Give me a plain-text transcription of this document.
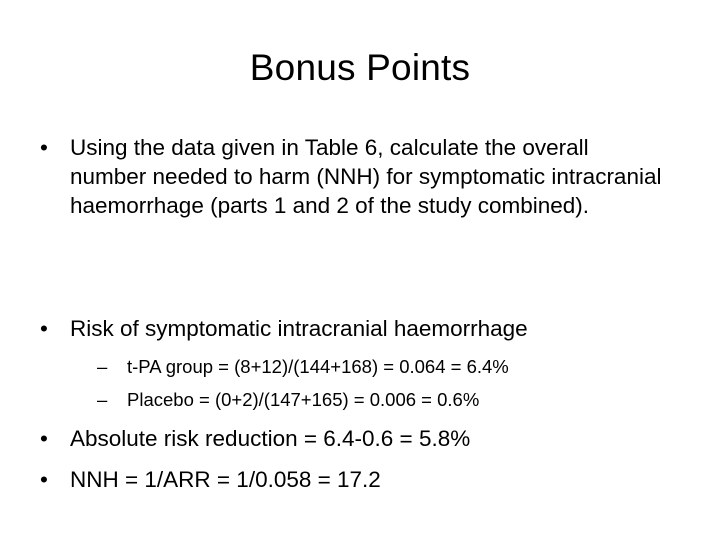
Bonus Points
• Using the data given in Table 6, calculate the overall number needed to harm (NNH) for symptomatic intracranial haemorrhage (parts 1 and 2 of the study combined).
• Risk of symptomatic intracranial haemorrhage
– t-PA group = (8+12)/(144+168) = 0.064 = 6.4%
– Placebo = (0+2)/(147+165) = 0.006 = 0.6%
• Absolute risk reduction = 6.4-0.6 = 5.8%
• NNH = 1/ARR = 1/0.058 = 17.2
